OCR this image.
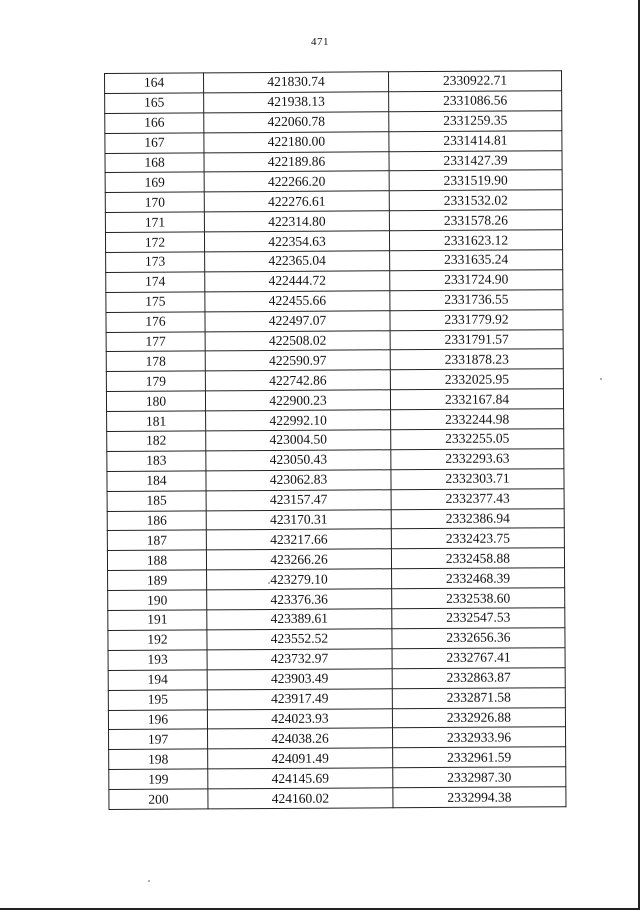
471
164	421830.74	2330922.71
165	421938.13	2331086.56
166	422060.78	2331259.35
167	422180.00	2331414.81
168	422189.86	2331427.39
169	422266.20	2331519.90
170	422276.61	2331532.02
171	422314.80	2331578.26
172	422354.63	2331623.12
173	422365.04	2331635.24
174	422444.72	2331724.90
175	422455.66	2331736.55
176	422497.07	2331779.92
177	422508.02	2331791.57
178	422590.97	2331878.23
179	422742.86	2332025.95
180	422900.23	2332167.84
181	422992.10	2332244.98
182	423004.50	2332255.05
183	423050.43	2332293.63
184	423062.83	2332303.71
185	423157.47	2332377.43
186	423170.31	2332386.94
187	423217.66	2332423.75
188	423266.26	2332458.88
189	423279.10	2332468.39
190	423376.36	2332538.60
191	423389.61	2332547.53
192	423552.52	2332656.36
193	423732.97	2332767.41
194	423903.49	2332863.87
195	423917.49	2332871.58
196	424023.93	2332926.88
197	424038.26	2332933.96
198	424091.49	2332961.59
199	424145.69	2332987.30
200	424160.02	2332994.38
